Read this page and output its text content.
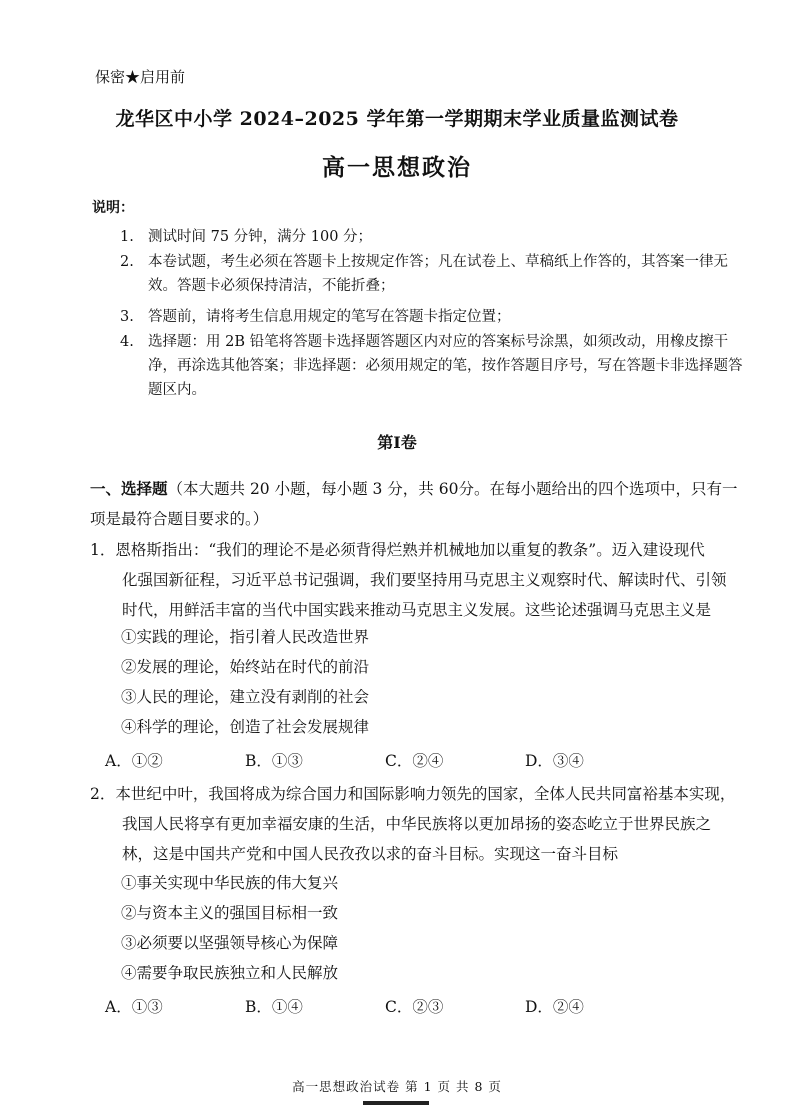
保密★启用前
龙华区中小学 2024–2025 学年第一学期期末学业质量监测试卷
高一思想政治
说明：
1. 测试时间 75 分钟，满分 100 分；
2. 本卷试题，考生必须在答题卡上按规定作答；凡在试卷上、草稿纸上作答的，其答案一律无效。答题卡必须保持清洁，不能折叠；
3. 答题前，请将考生信息用规定的笔写在答题卡指定位置；
4. 选择题：用 2B 铅笔将答题卡选择题答题区内对应的答案标号涂黑，如须改动，用橡皮擦干净，再涂选其他答案；非选择题：必须用规定的笔，按作答题目序号，写在答题卡非选择题答题区内。
第Ⅰ卷
一、选择题（本大题共 20 小题，每小题 3 分，共 60分。在每小题给出的四个选项中，只有一项是最符合题目要求的。）
1．恩格斯指出：“我们的理论不是必须背得烂熟并机械地加以重复的教条”。迈入建设现代
化强国新征程，习近平总书记强调，我们要坚持用马克思主义观察时代、解读时代、引领
时代，用鲜活丰富的当代中国实践来推动马克思主义发展。这些论述强调马克思主义是
①实践的理论，指引着人民改造世界
②发展的理论，始终站在时代的前沿
③人民的理论，建立没有剥削的社会
④科学的理论，创造了社会发展规律
A．①②	B．①③	C．②④	D．③④
2．本世纪中叶，我国将成为综合国力和国际影响力领先的国家，全体人民共同富裕基本实现，
我国人民将享有更加幸福安康的生活，中华民族将以更加昂扬的姿态屹立于世界民族之
林，这是中国共产党和中国人民孜孜以求的奋斗目标。实现这一奋斗目标
①事关实现中华民族的伟大复兴
②与资本主义的强国目标相一致
③必须要以坚强领导核心为保障
④需要争取民族独立和人民解放
A．①③	B．①④	C．②③	D．②④
高一思想政治试卷 第 1 页 共 8 页
